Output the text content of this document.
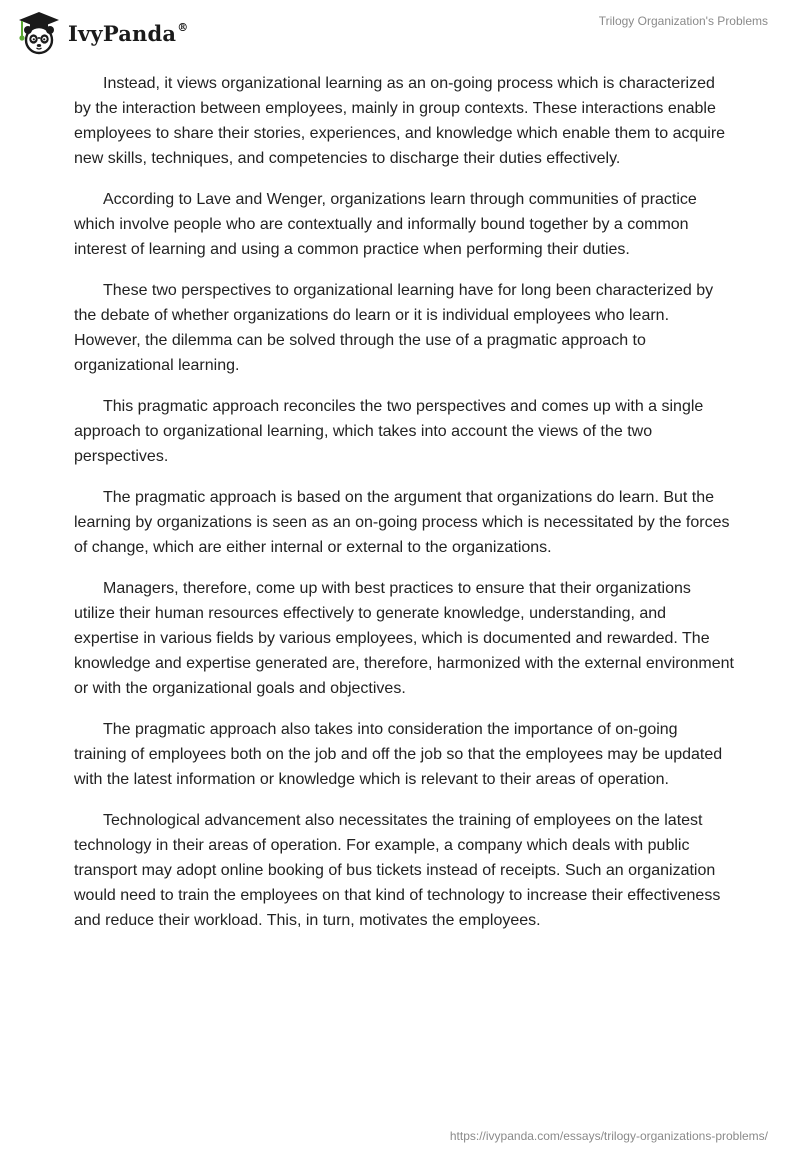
IvyPanda®	Trilogy Organization's Problems

Instead, it views organizational learning as an on-going process which is characterized by the interaction between employees, mainly in group contexts. These interactions enable employees to share their stories, experiences, and knowledge which enable them to acquire new skills, techniques, and competencies to discharge their duties effectively.

According to Lave and Wenger, organizations learn through communities of practice which involve people who are contextually and informally bound together by a common interest of learning and using a common practice when performing their duties.

These two perspectives to organizational learning have for long been characterized by the debate of whether organizations do learn or it is individual employees who learn. However, the dilemma can be solved through the use of a pragmatic approach to organizational learning.

This pragmatic approach reconciles the two perspectives and comes up with a single approach to organizational learning, which takes into account the views of the two perspectives.

The pragmatic approach is based on the argument that organizations do learn. But the learning by organizations is seen as an on-going process which is necessitated by the forces of change, which are either internal or external to the organizations.

Managers, therefore, come up with best practices to ensure that their organizations utilize their human resources effectively to generate knowledge, understanding, and expertise in various fields by various employees, which is documented and rewarded. The knowledge and expertise generated are, therefore, harmonized with the external environment or with the organizational goals and objectives.

The pragmatic approach also takes into consideration the importance of on-going training of employees both on the job and off the job so that the employees may be updated with the latest information or knowledge which is relevant to their areas of operation.

Technological advancement also necessitates the training of employees on the latest technology in their areas of operation. For example, a company which deals with public transport may adopt online booking of bus tickets instead of receipts. Such an organization would need to train the employees on that kind of technology to increase their effectiveness and reduce their workload. This, in turn, motivates the employees.

https://ivypanda.com/essays/trilogy-organizations-problems/
